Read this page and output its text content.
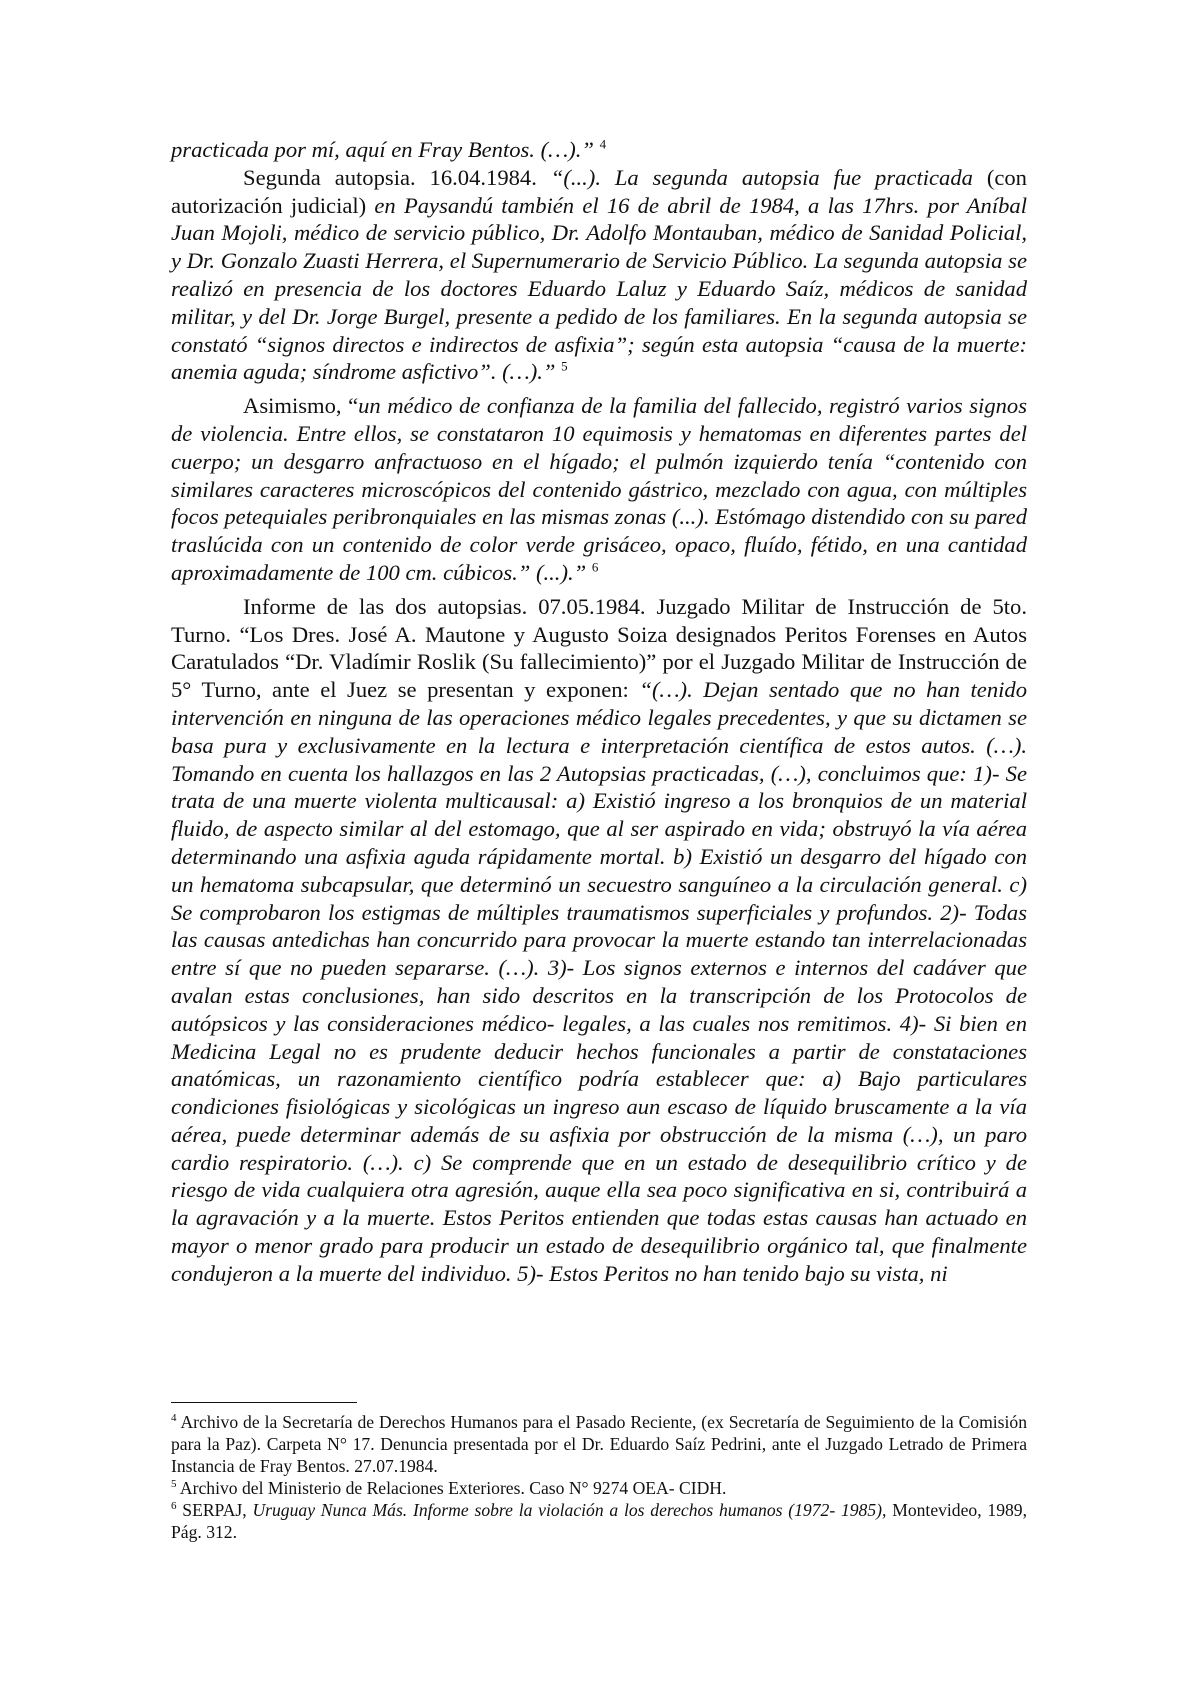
practicada por mí, aquí en Fray Bentos. (…).” $^4$

Segunda autopsia. 16.04.1984. “(...). La segunda autopsia fue practicada (con autorización judicial) en Paysandú también el 16 de abril de 1984, a las 17hrs. por Aníbal Juan Mojoli, médico de servicio público, Dr. Adolfo Montauban, médico de Sanidad Policial, y Dr. Gonzalo Zuasti Herrera, el Supernumerario de Servicio Público. La segunda autopsia se realizó en presencia de los doctores Eduardo Laluz y Eduardo Saíz, médicos de sanidad militar, y del Dr. Jorge Burgel, presente a pedido de los familiares. En la segunda autopsia se constató “signos directos e indirectos de asfixia”; según esta autopsia “causa de la muerte: anemia aguda; síndrome asfictivo”. (…).” $^5$

Asimismo, “un médico de confianza de la familia del fallecido, registró varios signos de violencia. Entre ellos, se constataron 10 equimosis y hematomas en diferentes partes del cuerpo; un desgarro anfractuoso en el hígado; el pulmón izquierdo tenía “contenido con similares caracteres microscópicos del contenido gástrico, mezclado con agua, con múltiples focos petequiales peribronquiales en las mismas zonas (...). Estómago distendido con su pared traslúcida con un contenido de color verde grisáceo, opaco, fluído, fétido, en una cantidad aproximadamente de 100 cm. cúbicos.” (...).” $^6$

Informe de las dos autopsias. 07.05.1984. Juzgado Militar de Instrucción de 5to. Turno. “Los Dres. José A. Mautone y Augusto Soiza designados Peritos Forenses en Autos Caratulados “Dr. Vladímir Roslik (Su fallecimiento)” por el Juzgado Militar de Instrucción de 5° Turno, ante el Juez se presentan y exponen: “(…). Dejan sentado que no han tenido intervención en ninguna de las operaciones médico legales precedentes, y que su dictamen se basa pura y exclusivamente en la lectura e interpretación científica de estos autos. (…). Tomando en cuenta los hallazgos en las 2 Autopsias practicadas, (…), concluimos que: 1)- Se trata de una muerte violenta multicausal: a) Existió ingreso a los bronquios de un material fluido, de aspecto similar al del estomago, que al ser aspirado en vida; obstruyó la vía aérea determinando una asfixia aguda rápidamente mortal. b) Existió un desgarro del hígado con un hematoma subcapsular, que determinó un secuestro sanguíneo a la circulación general. c) Se comprobaron los estigmas de múltiples traumatismos superficiales y profundos. 2)- Todas las causas antedichas han concurrido para provocar la muerte estando tan interrelacionadas entre sí que no pueden separarse. (…). 3)- Los signos externos e internos del cadáver que avalan estas conclusiones, han sido descritos en la transcripción de los Protocolos de autópsicos y las consideraciones médico- legales, a las cuales nos remitimos. 4)- Si bien en Medicina Legal no es prudente deducir hechos funcionales a partir de constataciones anatómicas, un razonamiento científico podría establecer que: a) Bajo particulares condiciones fisiológicas y sicológicas un ingreso aun escaso de líquido bruscamente a la vía aérea, puede determinar además de su asfixia por obstrucción de la misma (…), un paro cardio respiratorio. (…). c) Se comprende que en un estado de desequilibrio crítico y de riesgo de vida cualquiera otra agresión, auque ella sea poco significativa en si, contribuirá a la agravación y a la muerte. Estos Peritos entienden que todas estas causas han actuado en mayor o menor grado para producir un estado de desequilibrio orgánico tal, que finalmente condujeron a la muerte del individuo. 5)- Estos Peritos no han tenido bajo su vista, ni

$^4$ Archivo de la Secretaría de Derechos Humanos para el Pasado Reciente, (ex Secretaría de Seguimiento de la Comisión para la Paz). Carpeta N° 17. Denuncia presentada por el Dr. Eduardo Saíz Pedrini, ante el Juzgado Letrado de Primera Instancia de Fray Bentos. 27.07.1984.

$^5$ Archivo del Ministerio de Relaciones Exteriores. Caso N° 9274 OEA- CIDH.

$^6$ SERPAJ, Uruguay Nunca Más. Informe sobre la violación a los derechos humanos (1972- 1985), Montevideo, 1989, Pág. 312.
